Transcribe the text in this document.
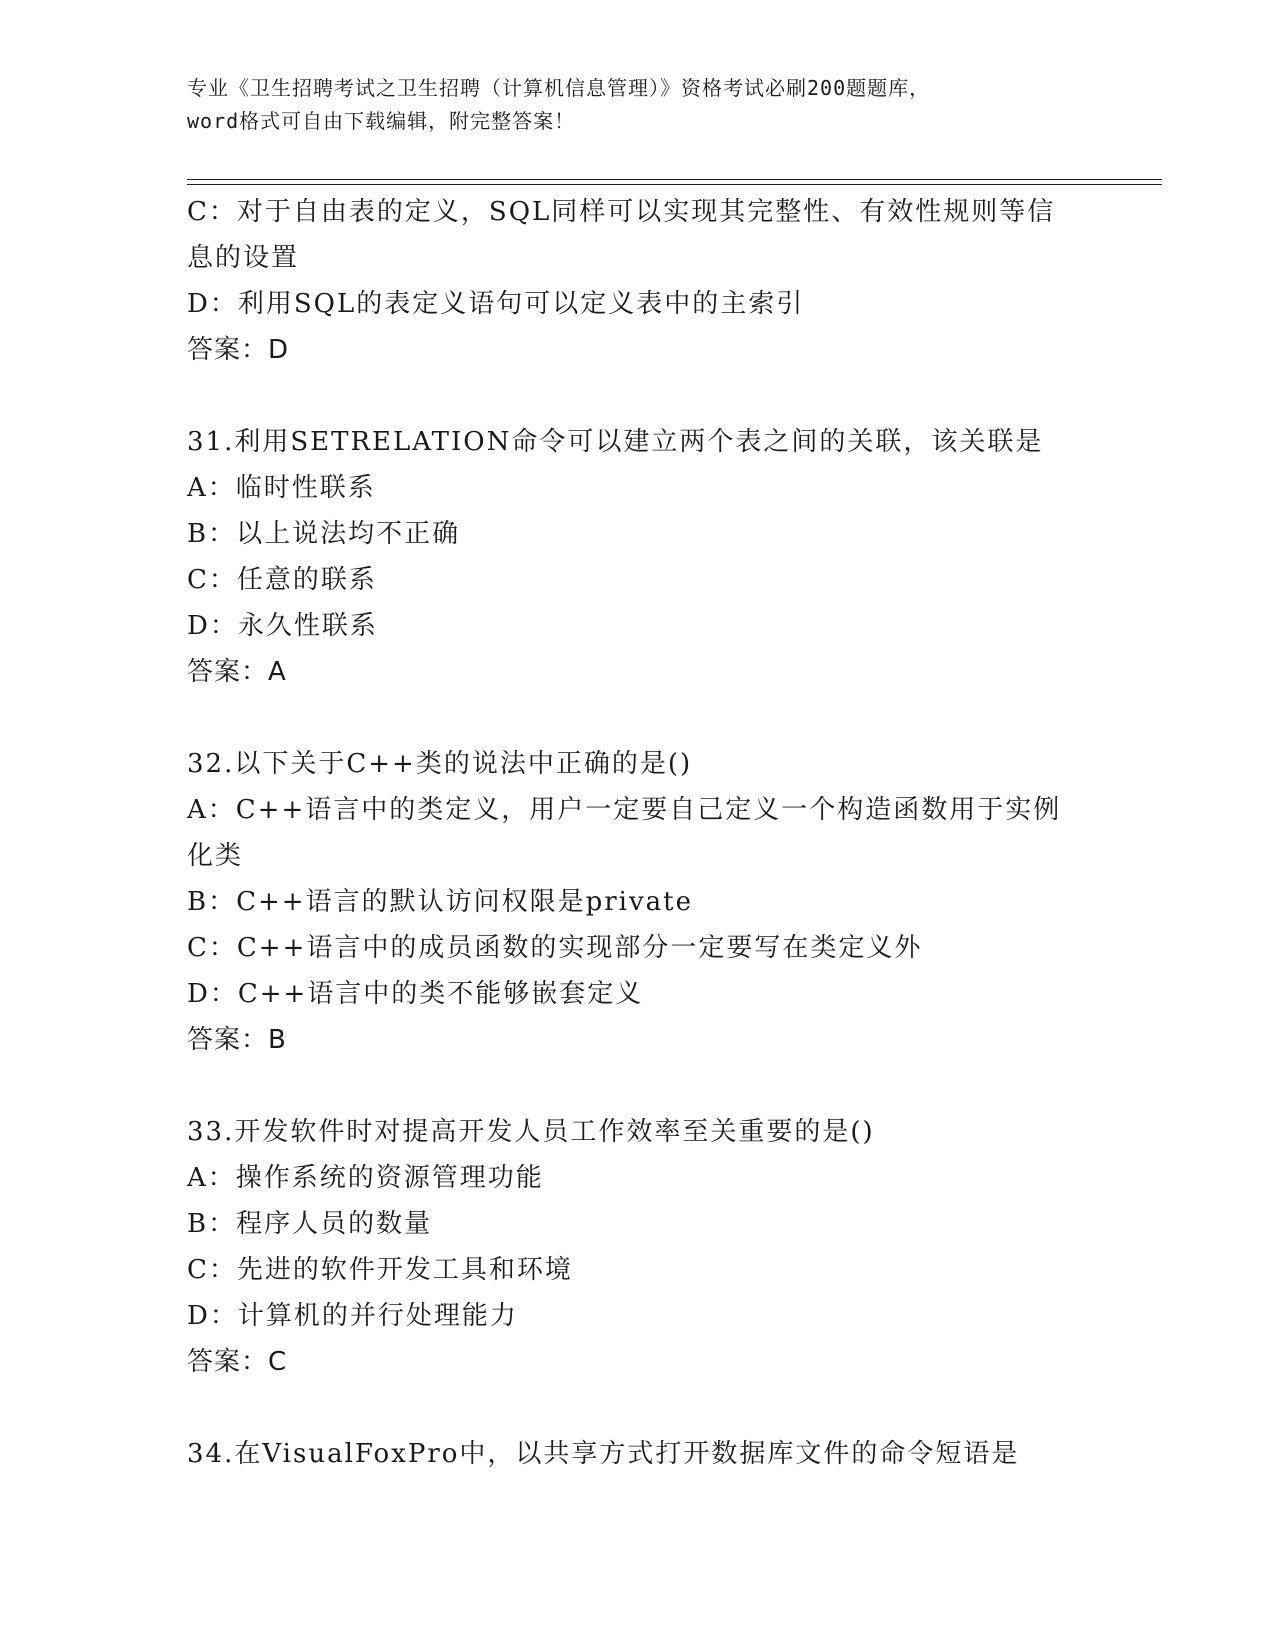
专业《卫生招聘考试之卫生招聘（计算机信息管理）》资格考试必刷200题题库，
word格式可自由下载编辑，附完整答案！
C：对于自由表的定义，SQL同样可以实现其完整性、有效性规则等信
息的设置
D：利用SQL的表定义语句可以定义表中的主索引
答案：D
31.利用SETRELATION命令可以建立两个表之间的关联，该关联是
A：临时性联系
B：以上说法均不正确
C：任意的联系
D：永久性联系
答案：A
32.以下关于C++类的说法中正确的是()
A：C++语言中的类定义，用户一定要自己定义一个构造函数用于实例
化类
B：C++语言的默认访问权限是private
C：C++语言中的成员函数的实现部分一定要写在类定义外
D：C++语言中的类不能够嵌套定义
答案：B
33.开发软件时对提高开发人员工作效率至关重要的是()
A：操作系统的资源管理功能
B：程序人员的数量
C：先进的软件开发工具和环境
D：计算机的并行处理能力
答案：C
34.在VisualFoxPro中，以共享方式打开数据库文件的命令短语是
